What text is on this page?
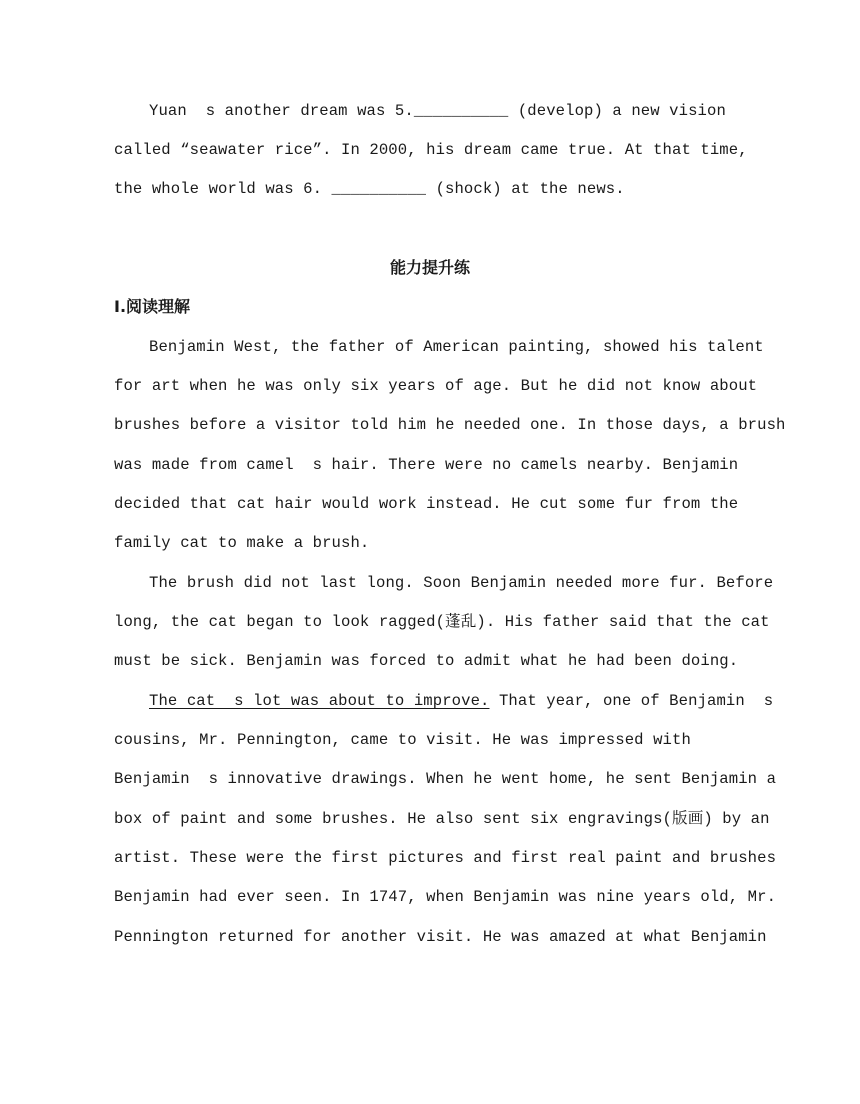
Yuan  s another dream was 5.__________ (develop) a new vision
called “seawater rice”. In 2000, his dream came true. At that time,
the whole world was 6. __________ (shock) at the news.
能力提升练
Ⅰ.阅读理解
Benjamin West, the father of American painting, showed his talent
for art when he was only six years of age. But he did not know about
brushes before a visitor told him he needed one. In those days, a brush
was made from camel  s hair. There were no camels nearby. Benjamin
decided that cat hair would work instead. He cut some fur from the
family cat to make a brush.
The brush did not last long. Soon Benjamin needed more fur. Before
long, the cat began to look ragged(蓬乱). His father said that the cat
must be sick. Benjamin was forced to admit what he had been doing.
The cat  s lot was about to improve. That year, one of Benjamin  s
cousins, Mr. Pennington, came to visit. He was impressed with
Benjamin  s innovative drawings. When he went home, he sent Benjamin a
box of paint and some brushes. He also sent six engravings(版画) by an
artist. These were the first pictures and first real paint and brushes
Benjamin had ever seen. In 1747, when Benjamin was nine years old, Mr.
Pennington returned for another visit. He was amazed at what Benjamin
